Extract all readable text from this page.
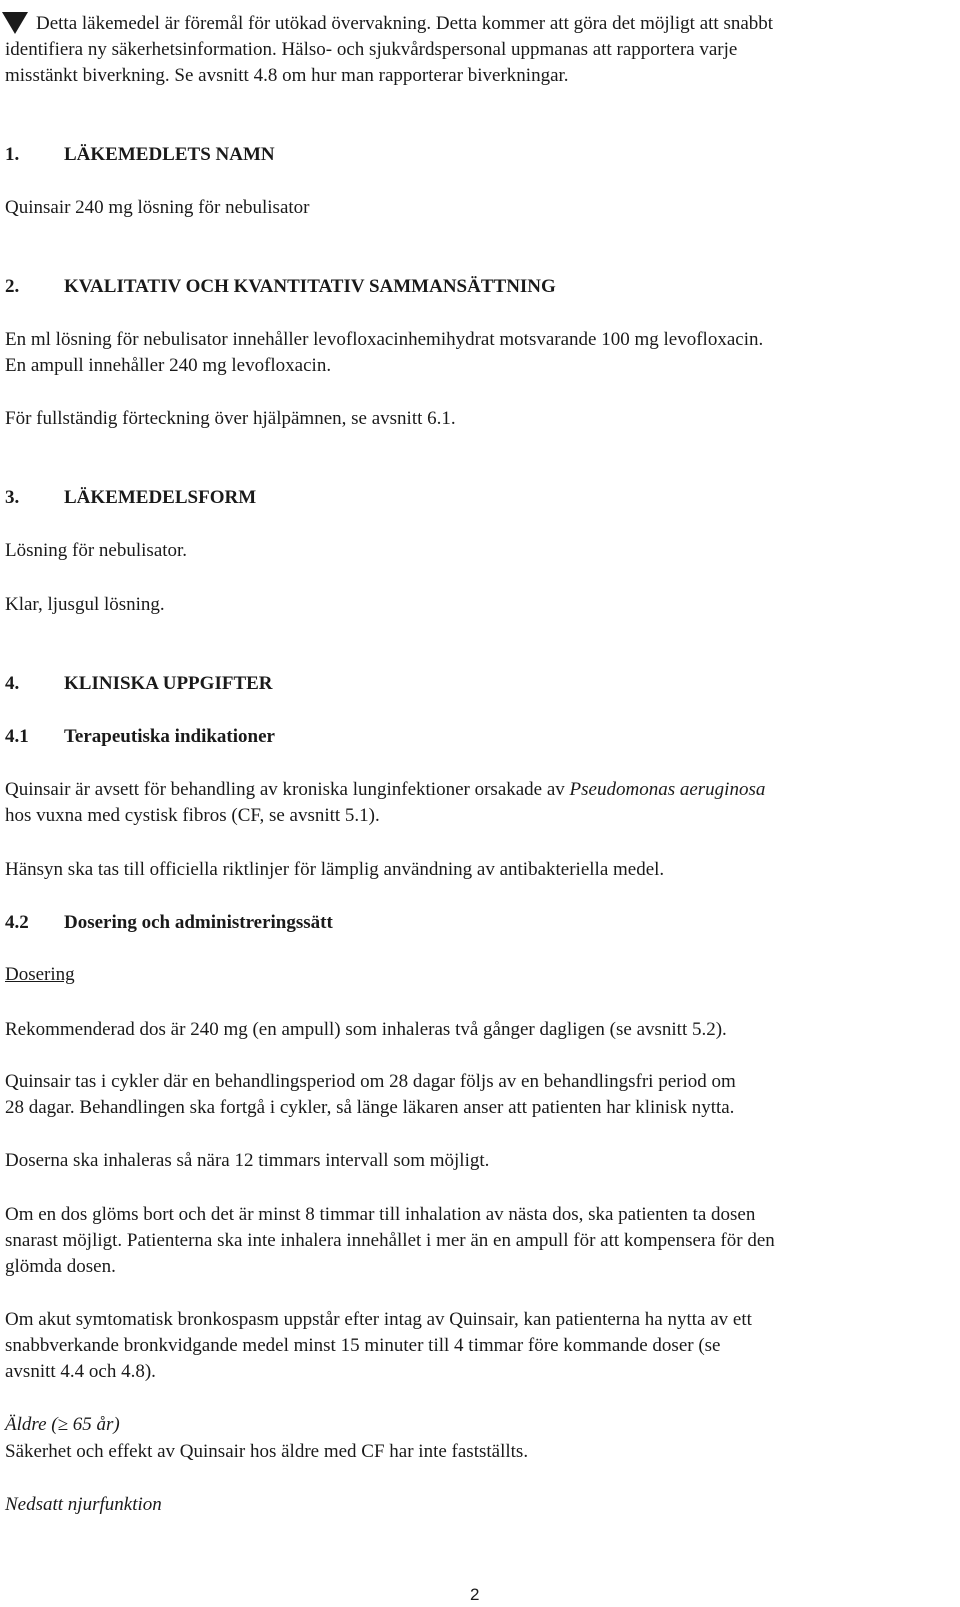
Detta läkemedel är föremål för utökad övervakning. Detta kommer att göra det möjligt att snabbt
identifiera ny säkerhetsinformation. Hälso- och sjukvårdspersonal uppmanas att rapportera varje
misstänkt biverkning. Se avsnitt 4.8 om hur man rapporterar biverkningar.
1. LÄKEMEDLETS NAMN
Quinsair 240 mg lösning för nebulisator
2. KVALITATIV OCH KVANTITATIV SAMMANSÄTTNING
En ml lösning för nebulisator innehåller levofloxacinhemihydrat motsvarande 100 mg levofloxacin.
En ampull innehåller 240 mg levofloxacin.
För fullständig förteckning över hjälpämnen, se avsnitt 6.1.
3. LÄKEMEDELSFORM
Lösning för nebulisator.
Klar, ljusgul lösning.
4. KLINISKA UPPGIFTER
4.1 Terapeutiska indikationer
Quinsair är avsett för behandling av kroniska lunginfektioner orsakade av Pseudomonas aeruginosa
hos vuxna med cystisk fibros (CF, se avsnitt 5.1).
Hänsyn ska tas till officiella riktlinjer för lämplig användning av antibakteriella medel.
4.2 Dosering och administreringssätt
Dosering
Rekommenderad dos är 240 mg (en ampull) som inhaleras två gånger dagligen (se avsnitt 5.2).
Quinsair tas i cykler där en behandlingsperiod om 28 dagar följs av en behandlingsfri period om
28 dagar. Behandlingen ska fortgå i cykler, så länge läkaren anser att patienten har klinisk nytta.
Doserna ska inhaleras så nära 12 timmars intervall som möjligt.
Om en dos glöms bort och det är minst 8 timmar till inhalation av nästa dos, ska patienten ta dosen
snarast möjligt. Patienterna ska inte inhalera innehållet i mer än en ampull för att kompensera för den
glömda dosen.
Om akut symtomatisk bronkospasm uppstår efter intag av Quinsair, kan patienterna ha nytta av ett
snabbverkande bronkvidgande medel minst 15 minuter till 4 timmar före kommande doser (se
avsnitt 4.4 och 4.8).
Äldre (≥ 65 år)
Säkerhet och effekt av Quinsair hos äldre med CF har inte fastställts.
Nedsatt njurfunktion
2
